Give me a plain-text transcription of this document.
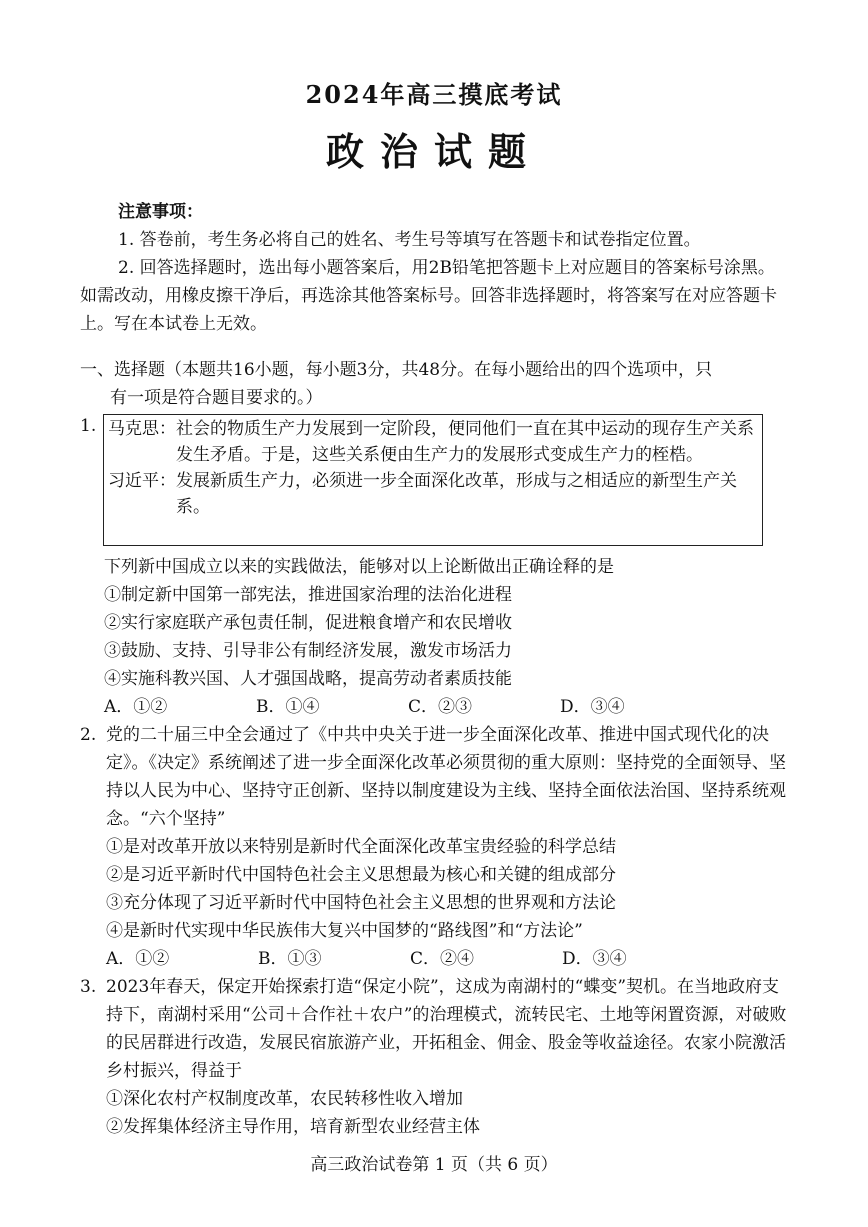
2024年高三摸底考试
政治试题
注意事项：
1. 答卷前，考生务必将自己的姓名、考生号等填写在答题卡和试卷指定位置。
2. 回答选择题时，选出每小题答案后，用2B铅笔把答题卡上对应题目的答案标号涂黑。如需改动，用橡皮擦干净后，再选涂其他答案标号。回答非选择题时，将答案写在对应答题卡上。写在本试卷上无效。
一、选择题（本题共16小题，每小题3分，共48分。在每小题给出的四个选项中，只
有一项是符合题目要求的。）
1. 马克思： 社会的物质生产力发展到一定阶段，便同他们一直在其中运动的现存生产关系发生矛盾。于是，这些关系便由生产力的发展形式变成生产力的桎梏。
习近平： 发展新质生产力，必须进一步全面深化改革，形成与之相适应的新型生产关系。
下列新中国成立以来的实践做法，能够对以上论断做出正确诠释的是
①制定新中国第一部宪法，推进国家治理的法治化进程
②实行家庭联产承包责任制，促进粮食增产和农民增收
③鼓励、支持、引导非公有制经济发展，激发市场活力
④实施科教兴国、人才强国战略，提高劳动者素质技能
A．①②	B．①④	C．②③	D．③④
2. 党的二十届三中全会通过了《中共中央关于进一步全面深化改革、推进中国式现代化的决定》。《决定》系统阐述了进一步全面深化改革必须贯彻的重大原则：坚持党的全面领导、坚持以人民为中心、坚持守正创新、坚持以制度建设为主线、坚持全面依法治国、坚持系统观念。“六个坚持”
①是对改革开放以来特别是新时代全面深化改革宝贵经验的科学总结
②是习近平新时代中国特色社会主义思想最为核心和关键的组成部分
③充分体现了习近平新时代中国特色社会主义思想的世界观和方法论
④是新时代实现中华民族伟大复兴中国梦的“路线图”和“方法论”
A．①②	B．①③	C．②④	D．③④
3. 2023年春天，保定开始探索打造“保定小院”，这成为南湖村的“蝶变”契机。在当地政府支持下，南湖村采用“公司＋合作社＋农户”的治理模式，流转民宅、土地等闲置资源，对破败的民居群进行改造，发展民宿旅游产业，开拓租金、佣金、股金等收益途径。农家小院激活乡村振兴，得益于
①深化农村产权制度改革，农民转移性收入增加
②发挥集体经济主导作用，培育新型农业经营主体
高三政治试卷第 1 页（共 6 页）
